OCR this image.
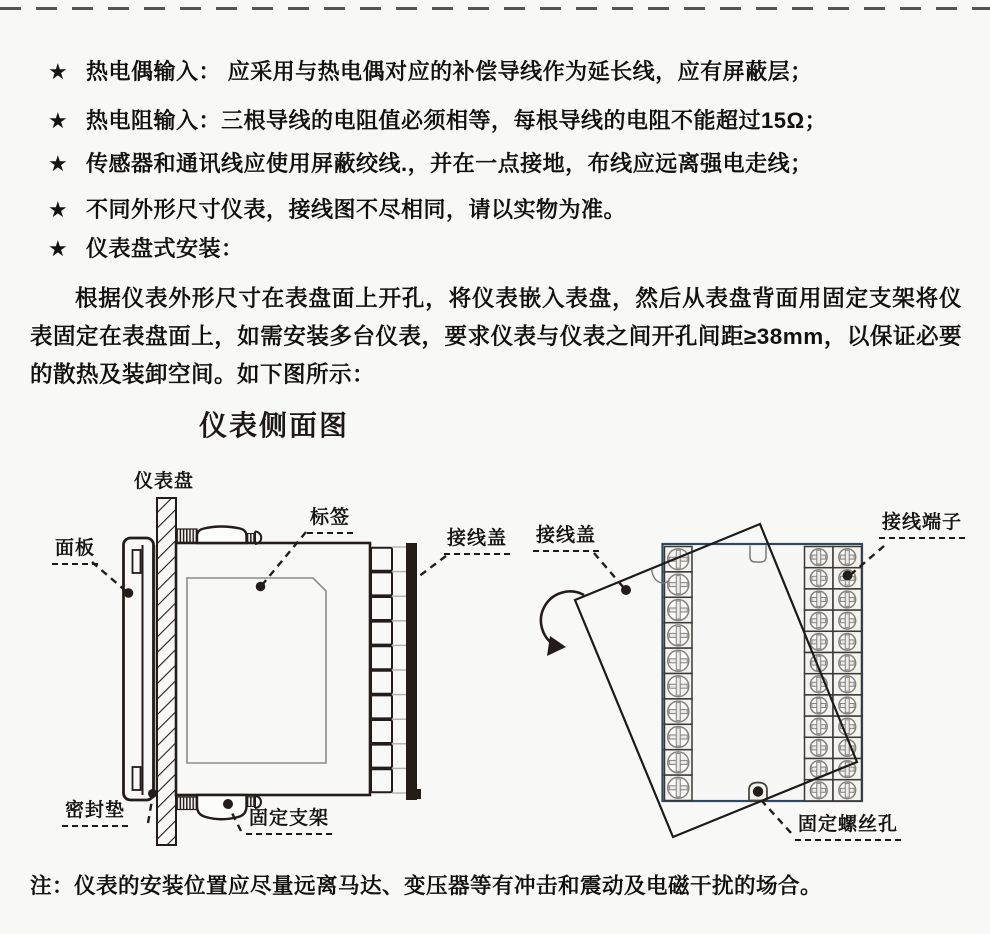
★ 热电偶输入： 应采用与热电偶对应的补偿导线作为延长线，应有屏蔽层；
★ 热电阻输入：三根导线的电阻值必须相等，每根导线的电阻不能超过15Ω；
★ 传感器和通讯线应使用屏蔽绞线.，并在一点接地，布线应远离强电走线；
★ 不同外形尺寸仪表，接线图不尽相同，请以实物为准。
★ 仪表盘式安装：

根据仪表外形尺寸在表盘面上开孔，将仪表嵌入表盘，然后从表盘背面用固定支架将仪表固定在表盘面上，如需安装多台仪表，要求仪表与仪表之间开孔间距≥38mm，以保证必要的散热及装卸空间。如下图所示：

仪表侧面图
仪表盘
面板
标签
接线盖
密封垫	固定支架
接线盖
接线端子
固定螺丝孔
注：仪表的安装位置应尽量远离马达、变压器等有冲击和震动及电磁干扰的场合。
